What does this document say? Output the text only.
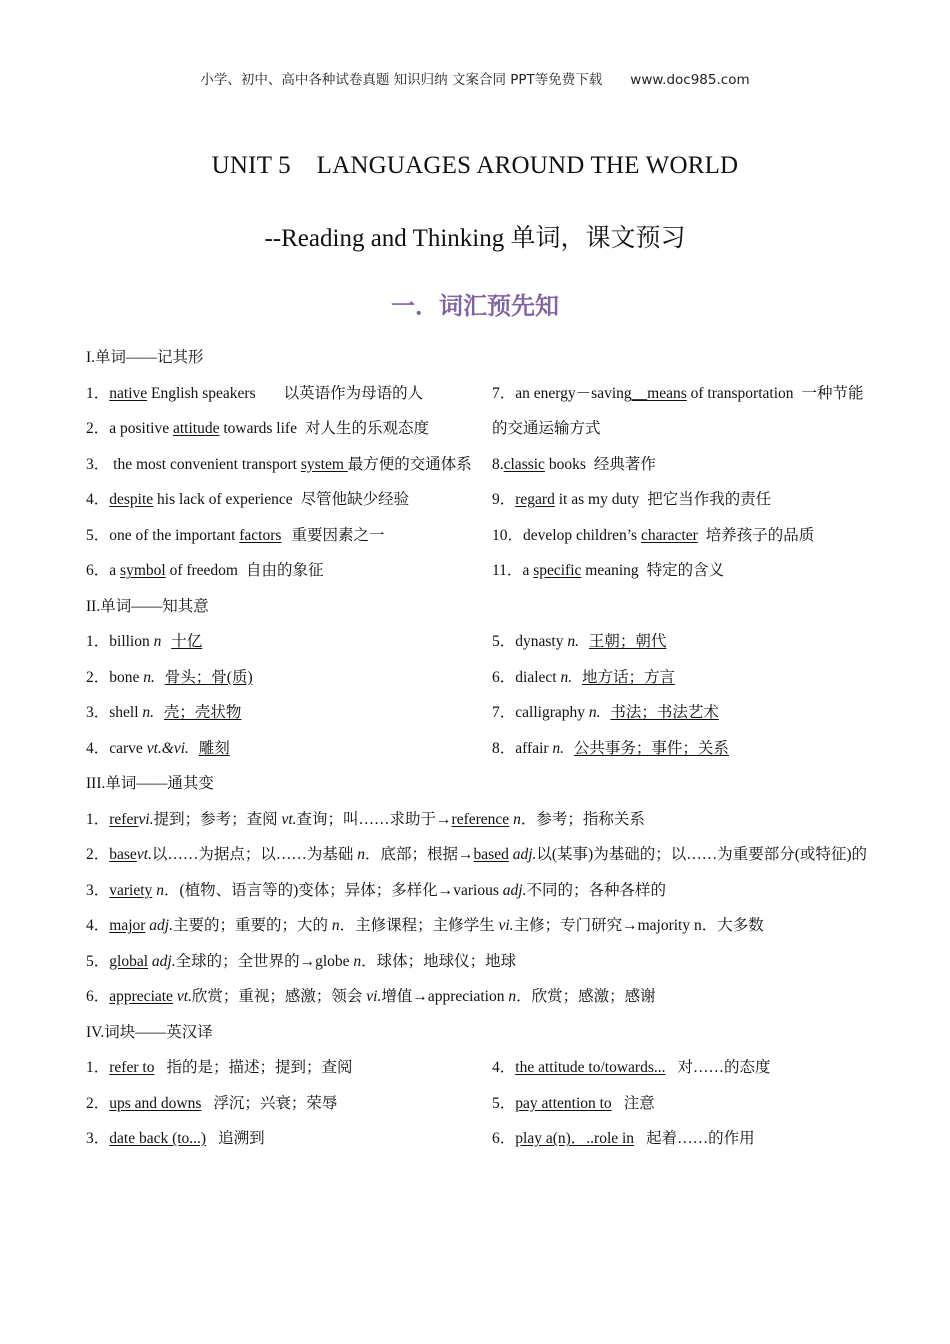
小学、初中、高中各种试卷真题 知识归纳 文案合同 PPT等免费下载 www.doc985.com
UNIT 5    LANGUAGES AROUND THE WORLD
--Reading and Thinking 单词，课文预习
一．词汇预先知
I.单词——记其形
1．native English speakers 以英语作为母语的人
2．a positive attitude towards life 对人生的乐观态度
3． the most convenient transport system 最方便的交通体系
4．despite his lack of experience 尽管他缺少经验
5．one of the important factors 重要因素之一
6．a symbol of freedom 自由的象征
7．an energy－saving__means of transportation 一种节能的交通运输方式
8.classic books 经典著作
9．regard it as my duty 把它当作我的责任
10．develop children’s character 培养孩子的品质
11．a specific meaning 特定的含义
II.单词——知其意
1．billion n 十亿
2．bone n. 骨头；骨(质)
3．shell n. 壳；壳状物
4．carve vt.&vi. 雕刻
5．dynasty n. 王朝；朝代
6．dialect n. 地方话；方言
7．calligraphy n. 书法；书法艺术
8．affair n. 公共事务；事件；关系
III.单词——通其变
1．refervi.提到；参考；查阅 vt.查询；叫……求助于→reference n．参考；指称关系
2．basevt.以……为据点；以……为基础 n．底部；根据→based adj.以(某事)为基础的；以……为重要部分(或特征)的
3．variety n．(植物、语言等的)变体；异体；多样化→various adj.不同的；各种各样的
4．major adj.主要的；重要的；大的 n．主修课程；主修学生 vi.主修；专门研究→majority n．大多数
5．global adj.全球的；全世界的→globe n．球体；地球仪；地球
6．appreciate vt.欣赏；重视；感激；领会 vi.增值→appreciation n．欣赏；感激；感谢
IV.词块——英汉译
1．refer to 指的是；描述；提到；查阅
2．ups and downs 浮沉；兴衰；荣辱
3．date back (to...) 追溯到
4．the attitude to/towards... 对……的态度
5．pay attention to 注意
6．play a(n)．..role in 起着……的作用
